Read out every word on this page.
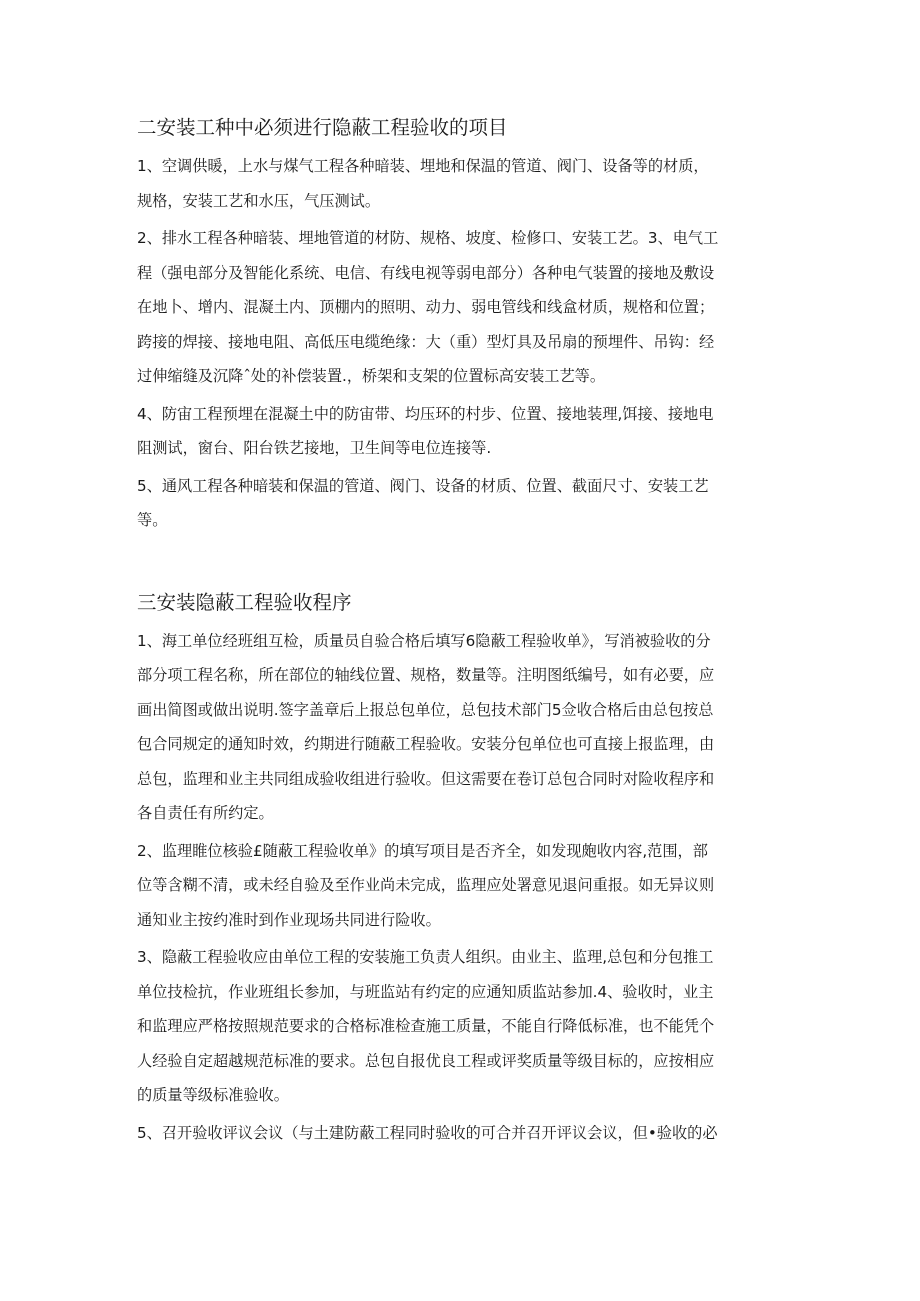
二安装工种中必须进行隐蔽工程验收的项目
1、空调供暖，上水与煤气工程各种暗装、埋地和保温的管道、阀门、设备等的材质，
规格，安装工艺和水压，气压测试。
2、排水工程各种暗装、埋地管道的材防、规格、坡度、检修口、安装工艺。3、电气工
程（强电部分及智能化系统、电信、有线电视等弱电部分）各种电气装置的接地及敷设
在地卜、增内、混凝土内、顶棚内的照明、动力、弱电管线和线盒材质，规格和位置；
跨接的焊接、接地电阻、高低压电缆绝缘：大（重）型灯具及吊扇的预埋件、吊钩：经
过伸缩缝及沉降ˆ处的补偿装置.，桥架和支架的位置标高安装工艺等。
4、防宙工程预埋在混凝土中的防宙带、均压环的村步、位置、接地装理,饵接、接地电
阻测试，窗台、阳台铁艺接地，卫生间等电位连接等.
5、通风工程各种暗装和保温的管道、阀门、设备的材质、位置、截面尺寸、安装工艺
等。
三安装隐蔽工程验收程序
1、海工单位经班组互检，质量员自验合格后填写6隐蔽工程验收单》，写消被验收的分
部分项工程名称，所在部位的轴线位置、规格，数量等。注明图纸编号，如有必要，应
画出简图或做出说明.签字盖章后上报总包单位，总包技术部门5佥收合格后由总包按总
包合同规定的通知时效，约期进行随蔽工程验收。安装分包单位也可直接上报监理，由
总包，监理和业主共同组成验收组进行验收。但这需要在卷订总包合同时对险收程序和
各自责任有所约定。
2、监理睢位核验£随蔽工程验收单》的填写项目是否齐全，如发现皰收内容,范围，部
位等含糊不清，或未经自验及至作业尚未完成，监理应处署意见退问重报。如无异议则
通知业主按约准时到作业现场共同进行险收。
3、隐蔽工程验收应由单位工程的安装施工负责人组织。由业主、监理,总包和分包推工
单位技检抗，作业班组长参加，与班监站有约定的应通知质监站参加.4、验收时，业主
和监理应严格按照规范要求的合格标准检查施工质量，不能自行降低标准，也不能凭个
人经验自定超越规范标准的要求。总包自报优良工程或评奖质量等级目标的，应按相应
的质量等级标准验收。
5、召开验收评议会议（与土建防蔽工程同时验收的可合并召开评议会议，但•验收的必
